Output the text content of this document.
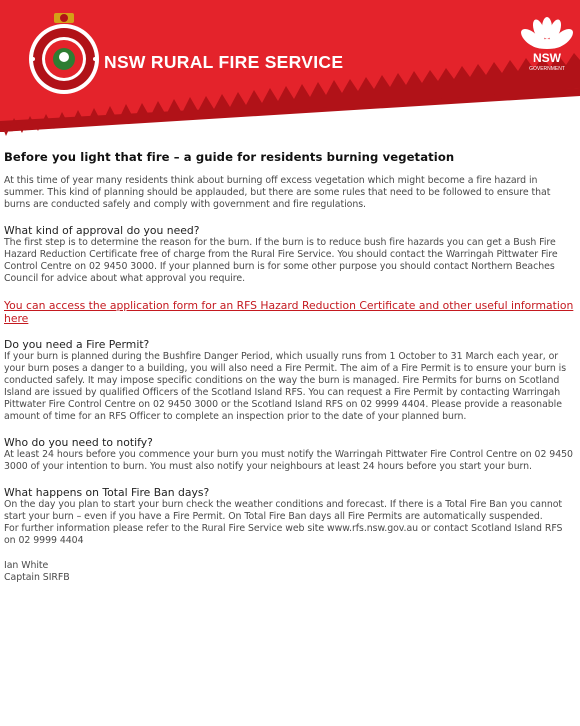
NSW RURAL FIRE SERVICE	NSW
GOVERNMENT
Before you light that fire – a guide for residents burning vegetation

At this time of year many residents think about burning off excess vegetation which might become a fire hazard in summer. This kind of planning should be applauded, but there are some rules that need to be followed to ensure that burns are conducted safely and comply with government and fire regulations.

What kind of approval do you need?

The first step is to determine the reason for the burn. If the burn is to reduce bush fire hazards you can get a Bush Fire Hazard Reduction Certificate free of charge from the Rural Fire Service. You should contact the Warringah Pittwater Fire Control Centre on 02 9450 3000. If your planned burn is for some other purpose you should contact Northern Beaches Council for advice about what approval you require.

You can access the application form for an RFS Hazard Reduction Certificate and other useful information here
Do you need a Fire Permit?

If your burn is planned during the Bushfire Danger Period, which usually runs from 1 October to 31 March each year, or your burn poses a danger to a building, you will also need a Fire Permit. The aim of a Fire Permit is to ensure your burn is conducted safely. It may impose specific conditions on the way the burn is managed. Fire Permits for burns on Scotland Island are issued by qualified Officers of the Scotland Island RFS. You can request a Fire Permit by contacting Warringah Pittwater Fire Control Centre on 02 9450 3000 or the Scotland Island RFS on 02 9999 4404. Please provide a reasonable amount of time for an RFS Officer to complete an inspection prior to the date of your planned burn.

Who do you need to notify?

At least 24 hours before you commence your burn you must notify the Warringah Pittwater Fire Control Centre on 02 9450 3000 of your intention to burn. You must also notify your neighbours at least 24 hours before you start your burn.

What happens on Total Fire Ban days?

On the day you plan to start your burn check the weather conditions and forecast. If there is a Total Fire Ban you cannot start your burn – even if you have a Fire Permit. On Total Fire Ban days all Fire Permits are automatically suspended.

For further information please refer to the Rural Fire Service web site www.rfs.nsw.gov.au or contact Scotland Island RFS on 02 9999 4404

Ian White

Captain SIRFB
